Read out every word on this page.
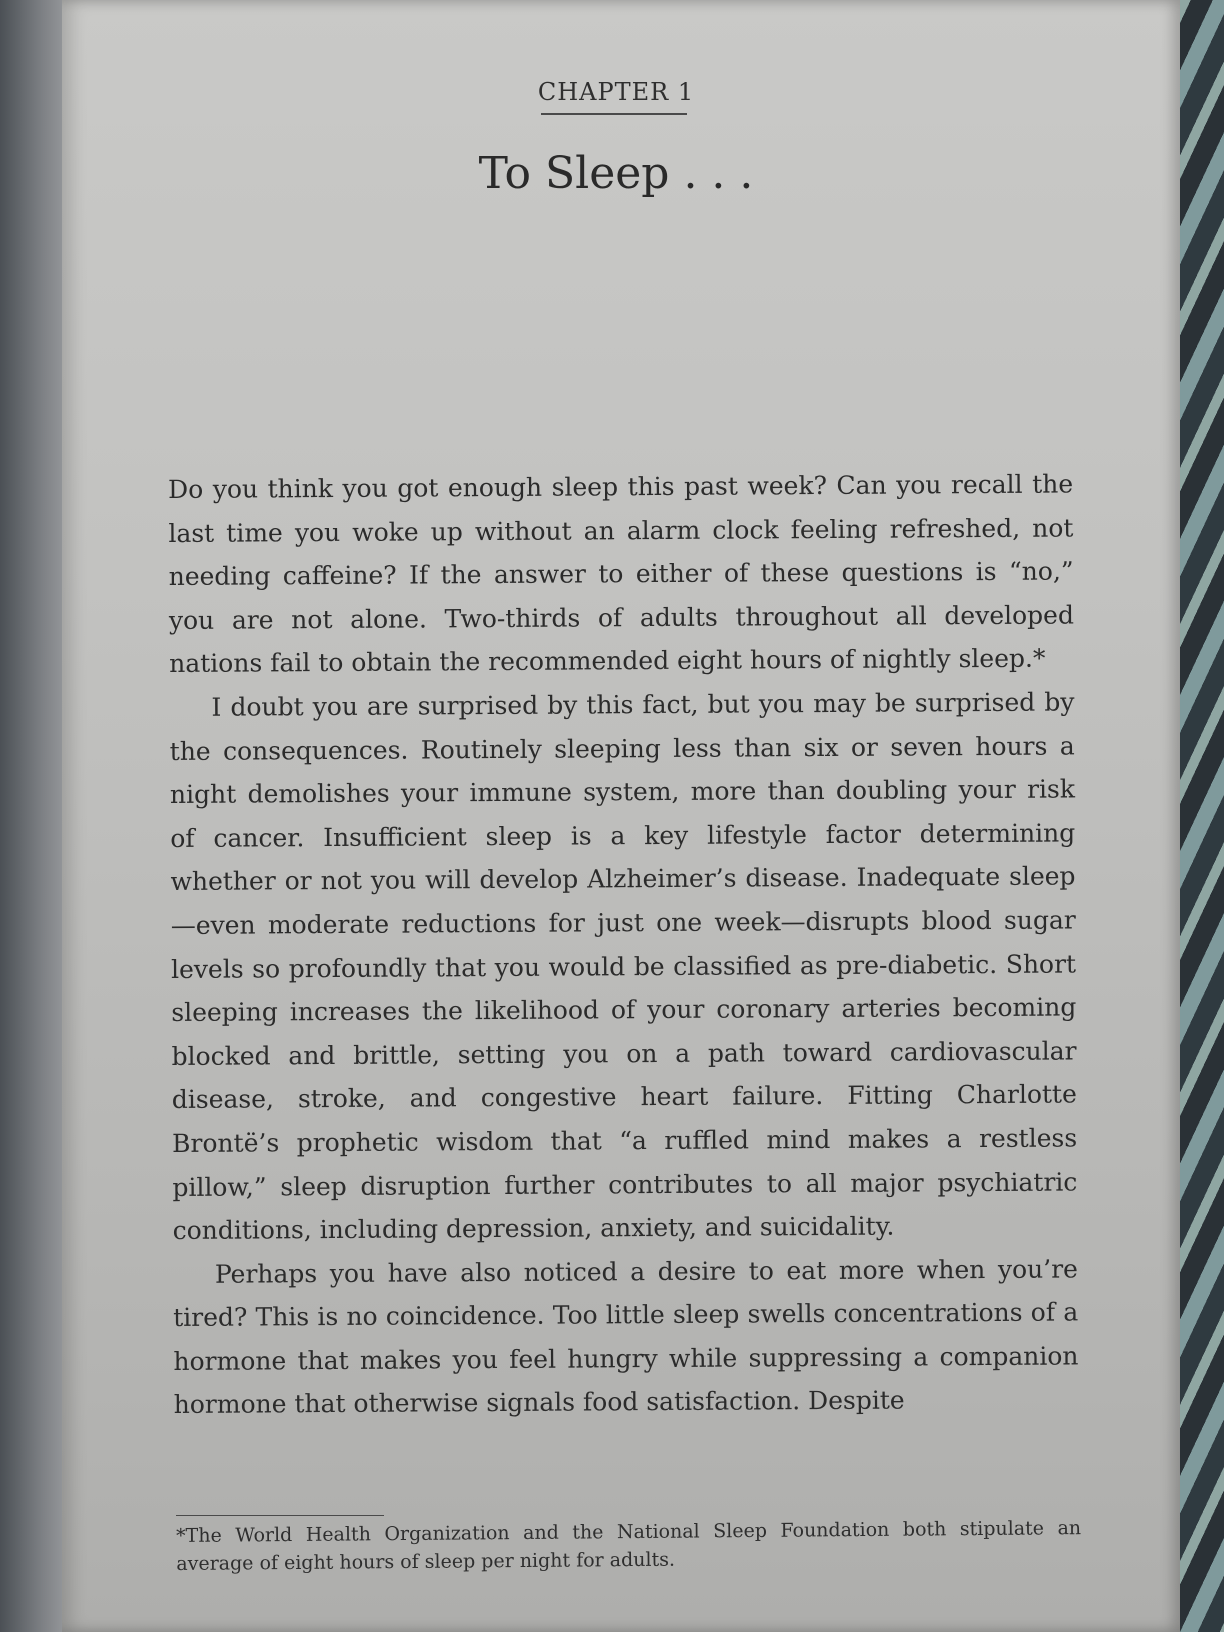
CHAPTER 1
To Sleep . . .

Do you think you got enough sleep this past week? Can you recall the last time you woke up without an alarm clock feeling refreshed, not needing caffeine? If the answer to either of these questions is “no,” you are not alone. Two-thirds of adults throughout all developed nations fail to obtain the recommended eight hours of nightly sleep.*

I doubt you are surprised by this fact, but you may be surprised by the consequences. Routinely sleeping less than six or seven hours a night demolishes your immune system, more than doubling your risk of cancer. Insufficient sleep is a key lifestyle factor determining whether or not you will develop Alzheimer’s disease. Inadequate sleep—even moderate reductions for just one week—disrupts blood sugar levels so profoundly that you would be classified as pre-diabetic. Short sleeping increases the likelihood of your coronary arteries becoming blocked and brittle, setting you on a path toward cardiovascular disease, stroke, and congestive heart failure. Fitting Charlotte Brontë’s prophetic wisdom that “a ruffled mind makes a restless pillow,” sleep disruption further contributes to all major psychiatric conditions, including depression, anxiety, and suicidality.

Perhaps you have also noticed a desire to eat more when you’re tired? This is no coincidence. Too little sleep swells concentrations of a hormone that makes you feel hungry while suppressing a companion hormone that otherwise signals food satisfaction. Despite

*The World Health Organization and the National Sleep Foundation both stipulate an average of eight hours of sleep per night for adults.
